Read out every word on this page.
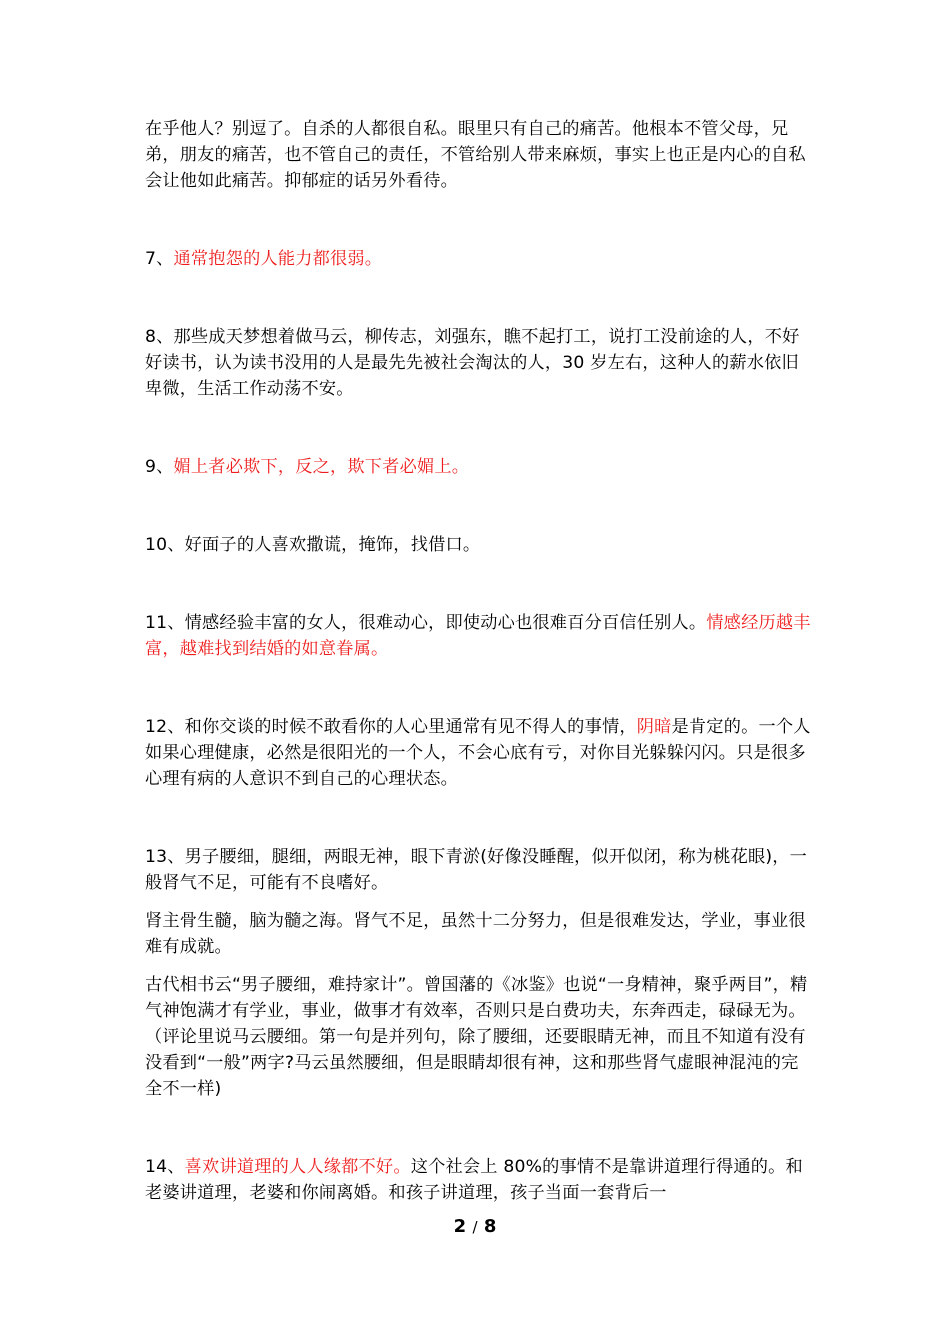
在乎他人？别逗了。自杀的人都很自私。眼里只有自己的痛苦。他根本不管父母，兄弟，朋友的痛苦，也不管自己的责任，不管给别人带来麻烦，事实上也正是内心的自私会让他如此痛苦。抑郁症的话另外看待。

7、通常抱怨的人能力都很弱。

8、那些成天梦想着做马云，柳传志，刘强东，瞧不起打工，说打工没前途的人，不好好读书，认为读书没用的人是最先先被社会淘汰的人，30 岁左右，这种人的薪水依旧卑微，生活工作动荡不安。

9、媚上者必欺下，反之，欺下者必媚上。

10、好面子的人喜欢撒谎，掩饰，找借口。

11、情感经验丰富的女人，很难动心，即使动心也很难百分百信任别人。情感经历越丰富，越难找到结婚的如意眷属。

12、和你交谈的时候不敢看你的人心里通常有见不得人的事情，阴暗是肯定的。一个人如果心理健康，必然是很阳光的一个人，不会心底有亏，对你目光躲躲闪闪。只是很多心理有病的人意识不到自己的心理状态。

13、男子腰细，腿细，两眼无神，眼下青淤(好像没睡醒，似开似闭，称为桃花眼)，一般肾气不足，可能有不良嗜好。

肾主骨生髓，脑为髓之海。肾气不足，虽然十二分努力，但是很难发达，学业，事业很难有成就。

古代相书云“男子腰细，难持家计”。曾国藩的《冰鉴》也说“一身精神，聚乎两目”，精气神饱满才有学业，事业，做事才有效率，否则只是白费功夫，东奔西走，碌碌无为。（评论里说马云腰细。第一句是并列句，除了腰细，还要眼睛无神，而且不知道有没有没看到“一般”两字?马云虽然腰细，但是眼睛却很有神，这和那些肾气虚眼神混沌的完全不一样)

14、喜欢讲道理的人人缘都不好。这个社会上 80%的事情不是靠讲道理行得通的。和老婆讲道理，老婆和你闹离婚。和孩子讲道理，孩子当面一套背后一

2 / 8
